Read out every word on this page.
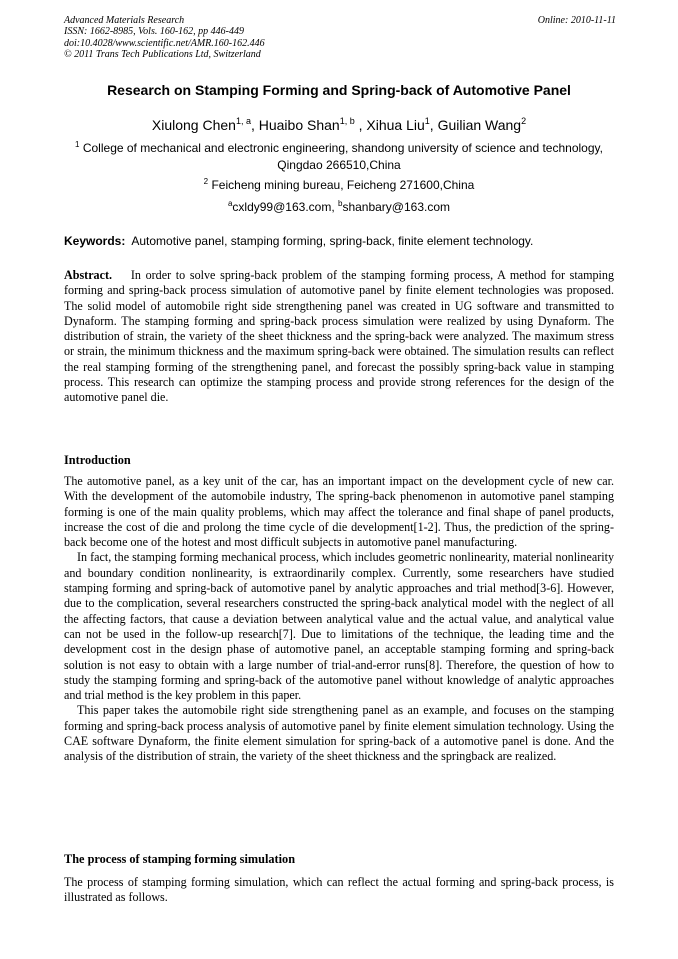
Advanced Materials Research
ISSN: 1662-8985, Vols. 160-162, pp 446-449
doi:10.4028/www.scientific.net/AMR.160-162.446
© 2011 Trans Tech Publications Ltd, Switzerland
Online: 2010-11-11
Research on Stamping Forming and Spring-back of Automotive Panel
Xiulong Chen$^{1, a}$, Huaibo Shan$^{1, b}$ , Xihua Liu$^1$, Guilian Wang$^2$
$^1$ College of mechanical and electronic engineering, shandong university of science and technology,
Qingdao 266510,China
$^2$ Feicheng mining bureau, Feicheng 271600,China
$^a$cxldy99@163.com, $^b$shanbary@163.com
Keywords: Automotive panel, stamping forming, spring-back, finite element technology.

Abstract. In order to solve spring-back problem of the stamping forming process, A method for stamping forming and spring-back process simulation of automotive panel by finite element technologies was proposed. The solid model of automobile right side strengthening panel was created in UG software and transmitted to Dynaform. The stamping forming and spring-back process simulation were realized by using Dynaform. The distribution of strain, the variety of the sheet thickness and the spring-back were analyzed. The maximum stress or strain, the minimum thickness and the maximum spring-back were obtained. The simulation results can reflect the real stamping forming of the strengthening panel, and forecast the possibly spring-back value in stamping process. This research can optimize the stamping process and provide strong references for the design of the automotive panel die.

Introduction

The automotive panel, as a key unit of the car, has an important impact on the development cycle of new car. With the development of the automobile industry, The spring-back phenomenon in automotive panel stamping forming is one of the main quality problems, which may affect the tolerance and final shape of panel products, increase the cost of die and prolong the time cycle of die development[1-2]. Thus, the prediction of the spring-back become one of the hotest and most difficult subjects in automotive panel manufacturing.

In fact, the stamping forming mechanical process, which includes geometric nonlinearity, material nonlinearity and boundary condition nonlinearity, is extraordinarily complex. Currently, some researchers have studied stamping forming and spring-back of automotive panel by analytic approaches and trial method[3-6]. However, due to the complication, several researchers constructed the spring-back analytical model with the neglect of all the affecting factors, that cause a deviation between analytical value and the actual value, and analytical value can not be used in the follow-up research[7]. Due to limitations of the technique, the leading time and the development cost in the design phase of automotive panel, an acceptable stamping forming and spring-back solution is not easy to obtain with a large number of trial-and-error runs[8]. Therefore, the question of how to study the stamping forming and spring-back of the automotive panel without knowledge of analytic approaches and trial method is the key problem in this paper.

This paper takes the automobile right side strengthening panel as an example, and focuses on the stamping forming and spring-back process analysis of automotive panel by finite element simulation technology. Using the CAE software Dynaform, the finite element simulation for spring-back of a automotive panel is done. And the analysis of the distribution of strain, the variety of the sheet thickness and the springback are realized.

The process of stamping forming simulation

The process of stamping forming simulation, which can reflect the actual forming and spring-back process, is illustrated as follows.
